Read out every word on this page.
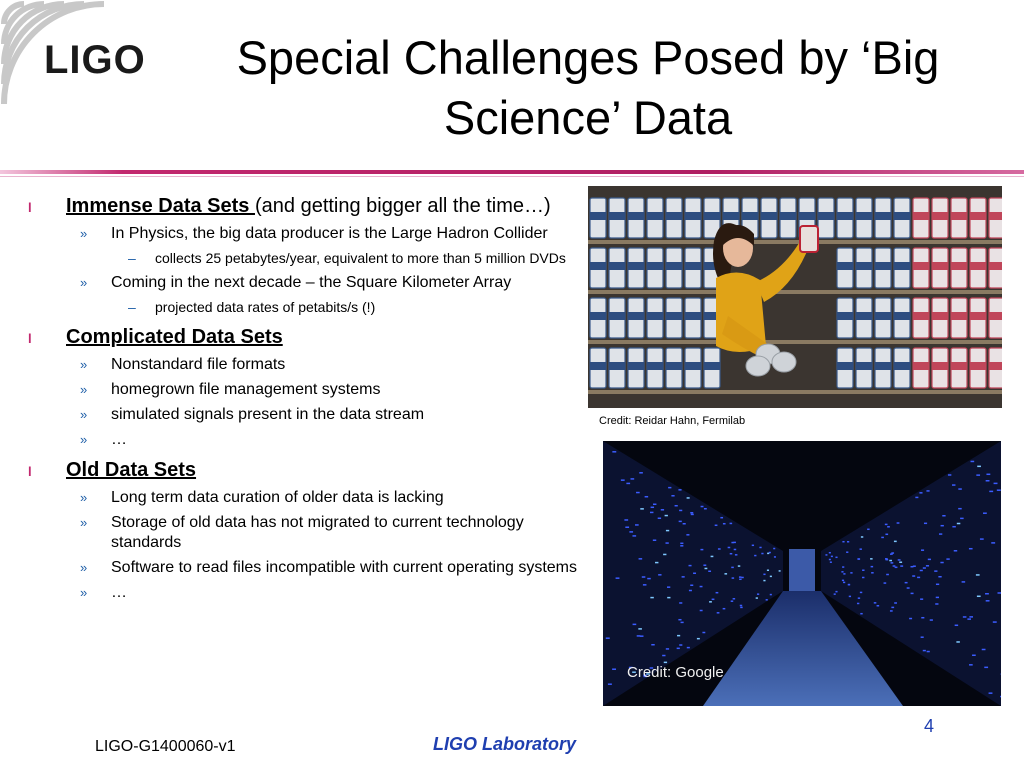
LIGO	Special Challenges Posed by ‘Big
Science’ Data
l Immense Data Sets (and getting bigger all the time…)
» In Physics, the big data producer is the Large Hadron Collider
– collects 25 petabytes/year, equivalent to more than 5 million DVDs
» Coming in the next decade – the Square Kilometer Array
– projected data rates of petabits/s (!)
l Complicated Data Sets
» Nonstandard file formats
» homegrown file management systems
» simulated signals present in the data stream
» …
l Old Data Sets
» Long term data curation of older data is lacking
» Storage of old data has not migrated to current technology standards
» Software to read files incompatible with current operating systems
» …
Credit: Reidar Hahn, Fermilab
Credit: Google
LIGO-G1400060-v1	LIGO Laboratory
4
